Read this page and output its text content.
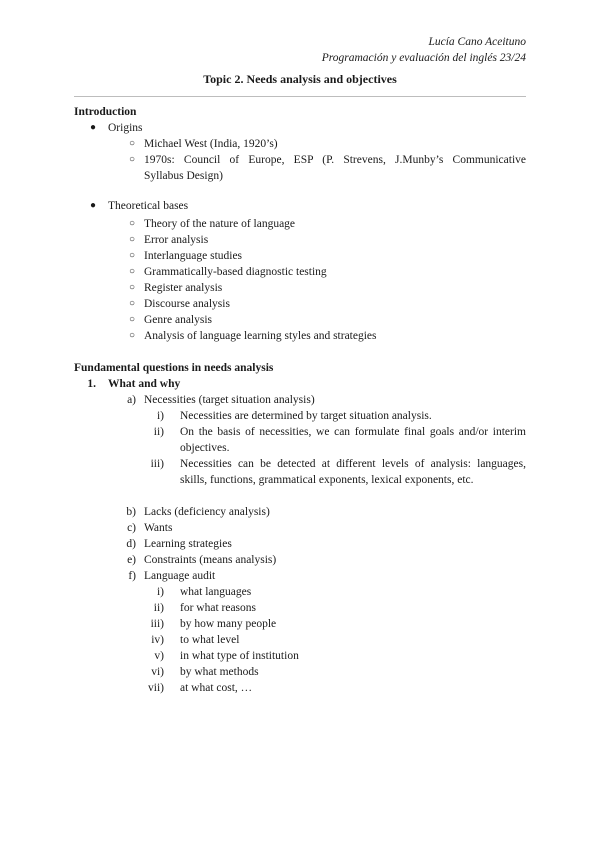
Lucía Cano Aceituno
Programación y evaluación del inglés 23/24
Topic 2. Needs analysis and objectives
Introduction
● Origins
○ Michael West (India, 1920’s)
○ 1970s: Council of Europe, ESP (P. Strevens, J.Munby’s Communicative
Syllabus Design)
● Theoretical bases
○ Theory of the nature of language
○ Error analysis
○ Interlanguage studies
○ Grammatically-based diagnostic testing
○ Register analysis
○ Discourse analysis
○ Genre analysis
○ Analysis of language learning styles and strategies
Fundamental questions in needs analysis
1. What and why
a) Necessities (target situation analysis)
i) Necessities are determined by target situation analysis.
ii) On the basis of necessities, we can formulate final goals and/or interim
objectives.
iii) Necessities can be detected at different levels of analysis: languages,
skills, functions, grammatical exponents, lexical exponents, etc.
b) Lacks (deficiency analysis)
c) Wants
d) Learning strategies
e) Constraints (means analysis)
f) Language audit
i) what languages
ii) for what reasons
iii) by how many people
iv) to what level
v) in what type of institution
vi) by what methods
vii) at what cost, …
